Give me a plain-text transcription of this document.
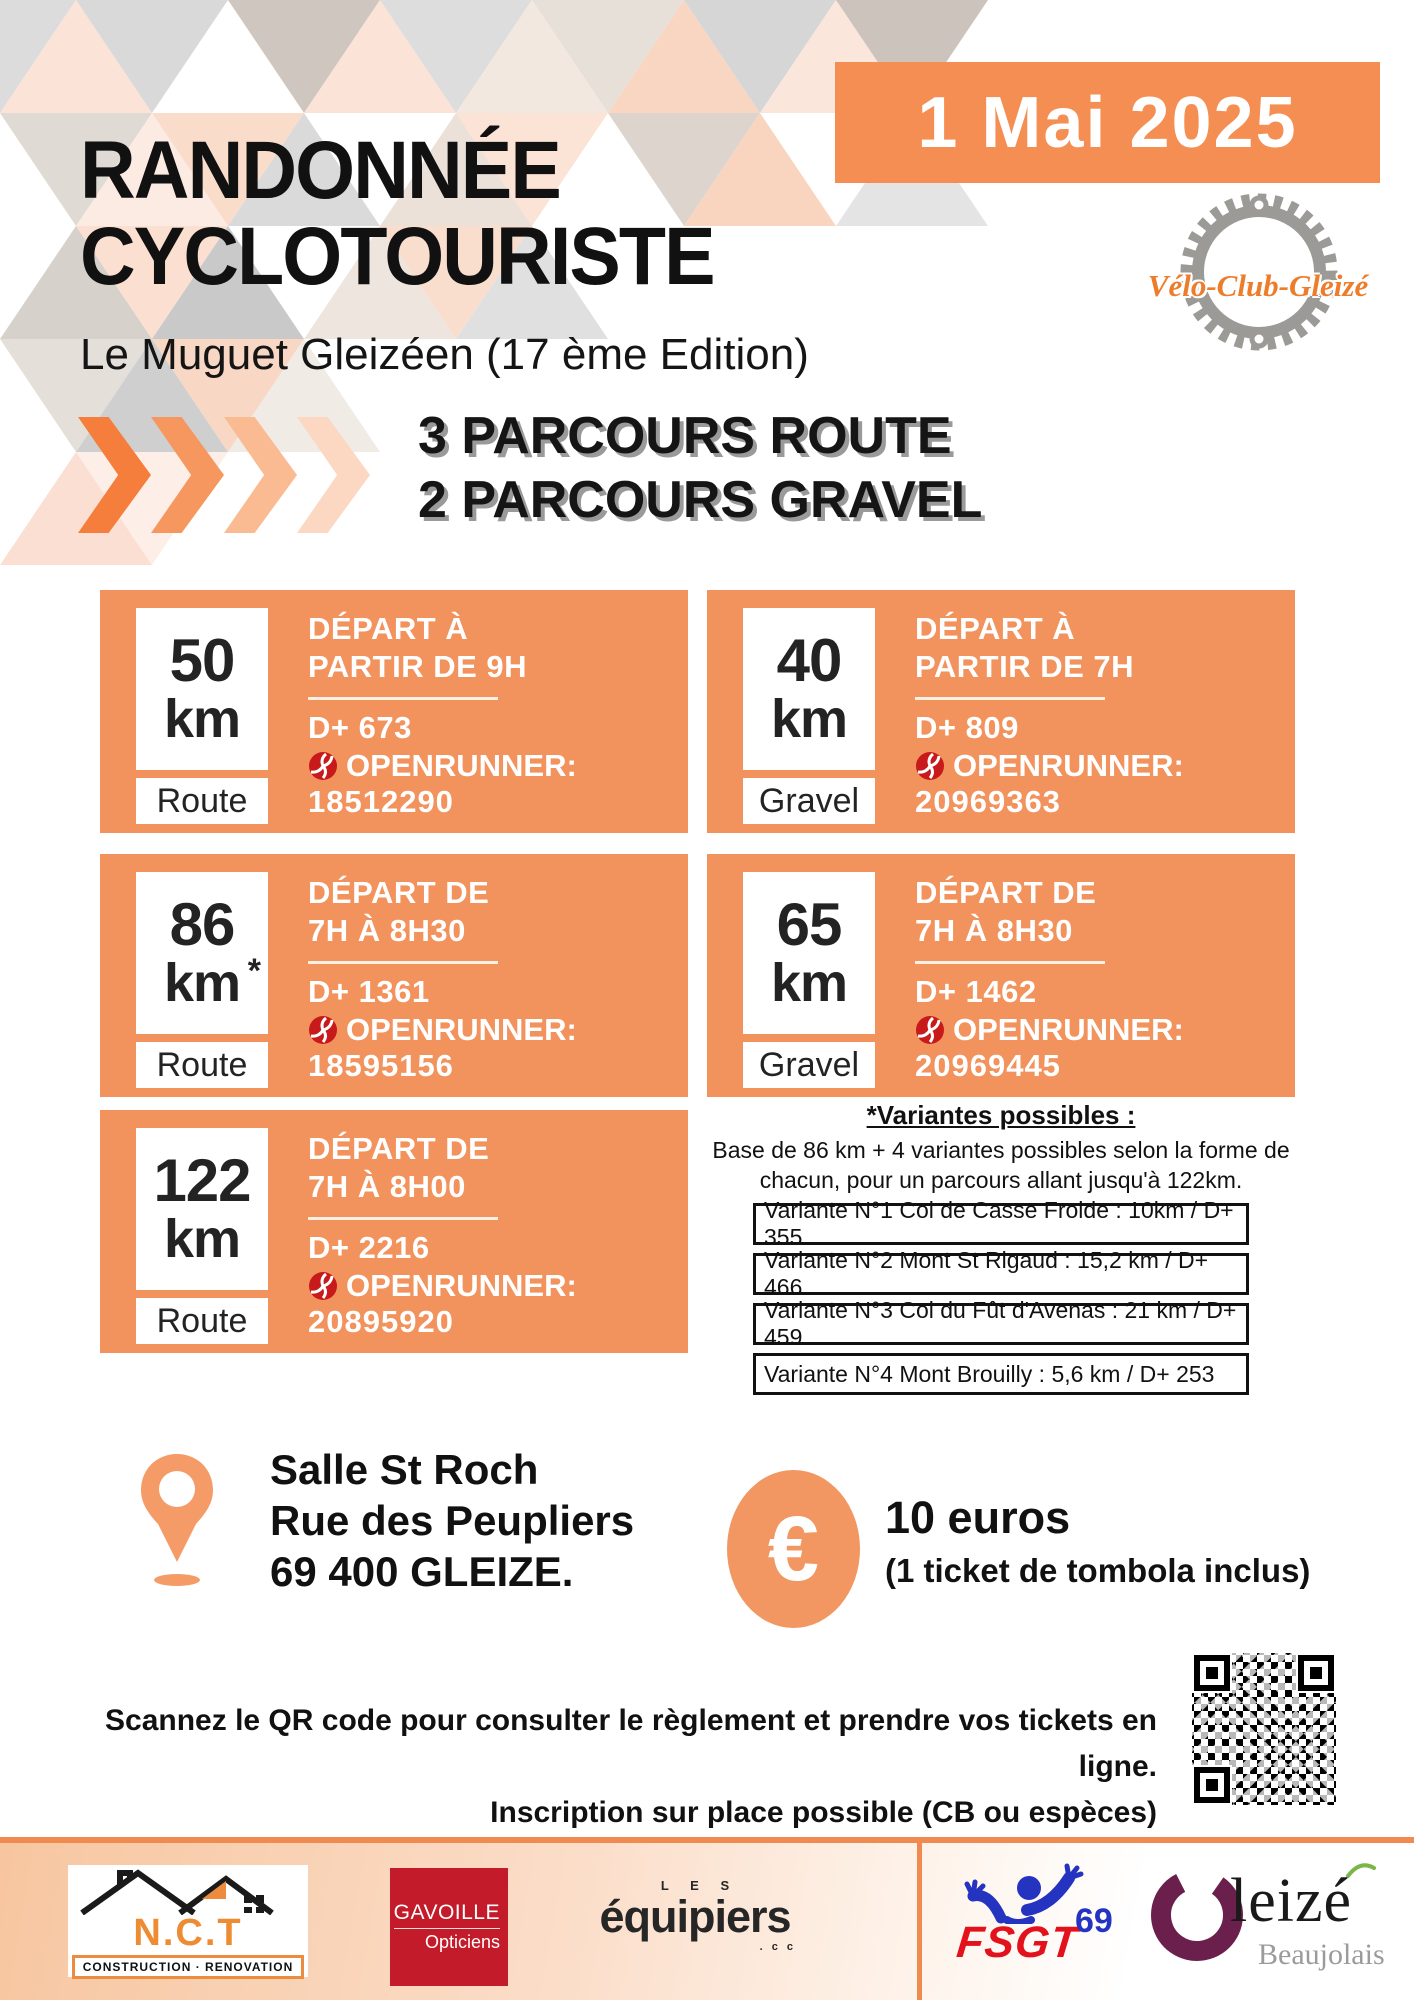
1 Mai 2025
Vélo-Club-Gleizé
RANDONNÉE
CYCLOTOURISTE
Le Muguet Gleizéen (17 ème Edition)
3 PARCOURS ROUTE
2 PARCOURS GRAVEL
50
km
Route
DÉPART À
PARTIR DE 9H
D+ 673
OPENRUNNER:
18512290
40
km
Gravel
DÉPART À
PARTIR DE 7H
D+ 809
OPENRUNNER:
20969363
86
km *
Route
DÉPART DE
7H À 8H30
D+ 1361
OPENRUNNER:
18595156
65
km
Gravel
DÉPART DE
7H À 8H30
D+ 1462
OPENRUNNER:
20969445
122
km
Route
DÉPART DE
7H À 8H00
D+ 2216
OPENRUNNER:
20895920
*Variantes possibles :
Base de 86 km + 4 variantes possibles selon la forme de
chacun, pour un parcours allant jusqu'à 122km.
Variante N°1 Col de Casse Froide : 10km / D+ 355
Variante N°2 Mont St Rigaud : 15,2 km / D+ 466
Variante N°3 Col du Fût d'Avenas : 21 km / D+ 459
Variante N°4 Mont Brouilly : 5,6 km / D+ 253
Salle St Roch
Rue des Peupliers
69 400 GLEIZE.	€ 10 euros
(1 ticket de tombola inclus)
Scannez le QR code pour consulter le règlement et prendre vos tickets en ligne.
Inscription sur place possible (CB ou espèces)
N.C.T
CONSTRUCTION · RENOVATION
GAVOILLE
Opticiens
L E S
équipiers
. c c	FSGT
69 leizé
Beaujolais
